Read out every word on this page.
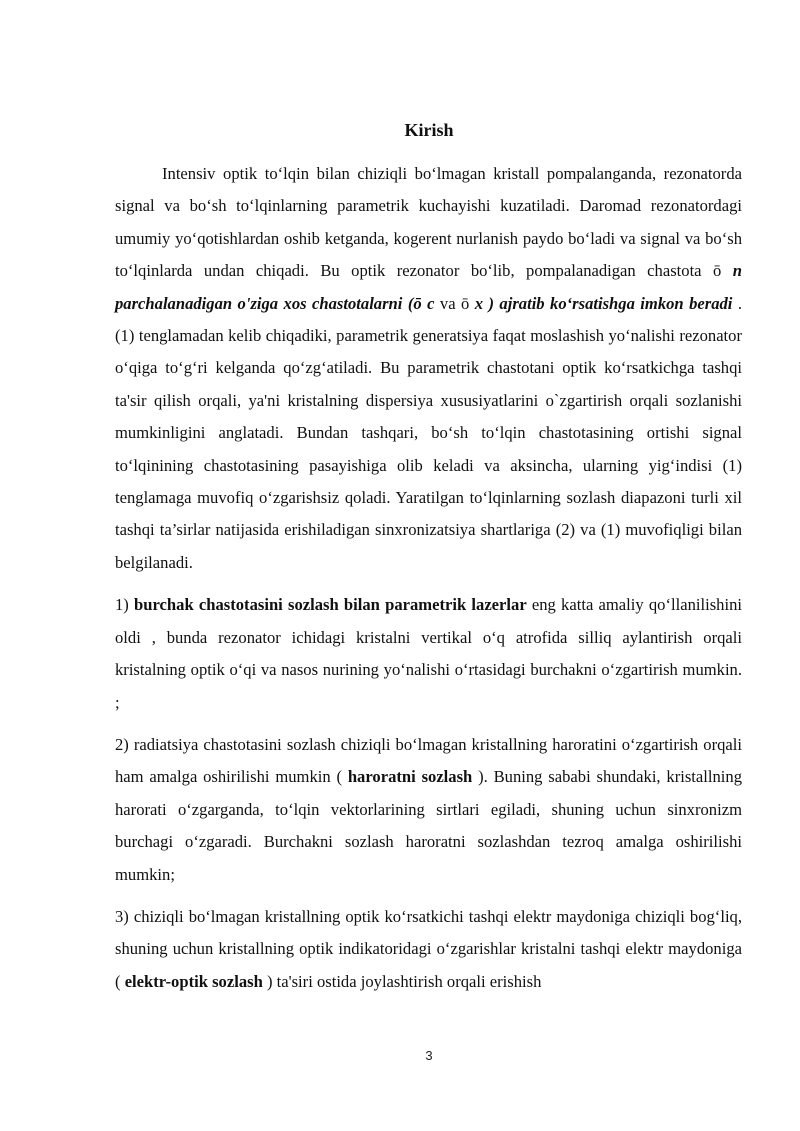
Kirish

Intensiv optik to‘lqin bilan chiziqli bo‘lmagan kristall pompalanganda, rezonatorda signal va bo‘sh to‘lqinlarning parametrik kuchayishi kuzatiladi. Daromad rezonatordagi umumiy yo‘qotishlardan oshib ketganda, kogerent nurlanish paydo bo‘ladi va signal va bo‘sh to‘lqinlarda undan chiqadi. Bu optik rezonator bo‘lib, pompalanadigan chastota ō n parchalanadigan o'ziga xos chastotalarni (ō c va ō x ) ajratib ko‘rsatishga imkon beradi .(1) tenglamadan kelib chiqadiki, parametrik generatsiya faqat moslashish yo‘nalishi rezonator o‘qiga to‘g‘ri kelganda qo‘zg‘atiladi. Bu parametrik chastotani optik ko‘rsatkichga tashqi ta'sir qilish orqali, ya'ni kristalning dispersiya xususiyatlarini o`zgartirish orqali sozlanishi mumkinligini anglatadi. Bundan tashqari, bo‘sh to‘lqin chastotasining ortishi signal to‘lqinining chastotasining pasayishiga olib keladi va aksincha, ularning yig‘indisi (1) tenglamaga muvofiq o‘zgarishsiz qoladi. Yaratilgan to‘lqinlarning sozlash diapazoni turli xil tashqi ta’sirlar natijasida erishiladigan sinxronizatsiya shartlariga (2) va (1) muvofiqligi bilan belgilanadi.

1) burchak chastotasini sozlash bilan parametrik lazerlar eng katta amaliy qo‘llanilishini oldi , bunda rezonator ichidagi kristalni vertikal o‘q atrofida silliq aylantirish orqali kristalning optik o‘qi va nasos nurining yo‘nalishi o‘rtasidagi burchakni o‘zgartirish mumkin. ;

2) radiatsiya chastotasini sozlash chiziqli bo‘lmagan kristallning haroratini o‘zgartirish orqali ham amalga oshirilishi mumkin ( haroratni sozlash ). Buning sababi shundaki, kristallning harorati o‘zgarganda, to‘lqin vektorlarining sirtlari egiladi, shuning uchun sinxronizm burchagi o‘zgaradi. Burchakni sozlash haroratni sozlashdan tezroq amalga oshirilishi mumkin;

3) chiziqli bo‘lmagan kristallning optik ko‘rsatkichi tashqi elektr maydoniga chiziqli bog‘liq, shuning uchun kristallning optik indikatoridagi o‘zgarishlar kristalni tashqi elektr maydoniga ( elektr-optik sozlash ) ta'siri ostida joylashtirish orqali erishish

3
